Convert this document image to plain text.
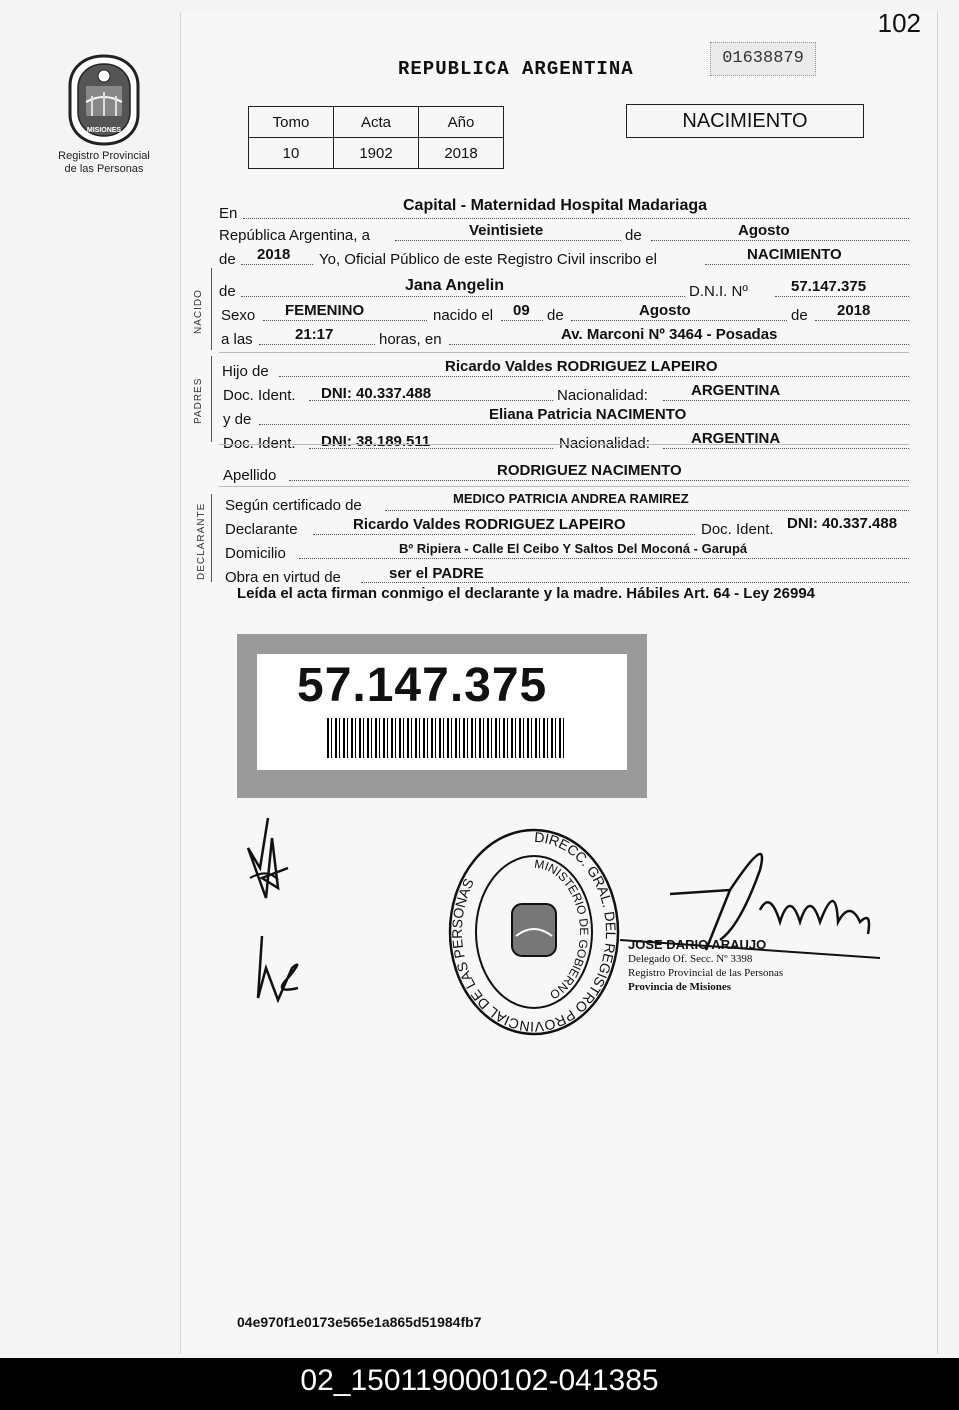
102
MISIONES
Registro Provincial
de las Personas
REPUBLICA ARGENTINA	01638879
Tomo	Acta	Año
10	1902	2018
NACIMIENTO
En	Capital - Maternidad Hospital Madariaga
República Argentina, a	Veintisiete	de	Agosto
de 2018 Yo, Oficial Público de este Registro Civil inscribo el	NACIMIENTO
NACIDO de	Jana Angelin	D.N.I. Nº	57.147.375
Sexo FEMENINO	nacido el 09 de	Agosto	de 2018
a las	21:17	horas, en	Av. Marconi Nº 3464 - Posadas
PADRES
Hijo de	Ricardo Valdes RODRIGUEZ LAPEIRO
Doc. Ident. DNI: 40.337.488	Nacionalidad:	ARGENTINA
y de	Eliana Patricia NACIMENTO
Doc. Ident. DNI: 38.189.511	Nacionalidad:	ARGENTINA
Apellido	RODRIGUEZ NACIMENTO
DECLARANTE Según certificado de	MEDICO PATRICIA ANDREA RAMIREZ
Declarante	Ricardo Valdes RODRIGUEZ LAPEIRO	Doc. Ident. DNI: 40.337.488
Domicilio	Bº Ripiera - Calle El Ceibo Y Saltos Del Moconá - Garupá
Obra en virtud de	ser el PADRE
Leída el acta firman conmigo el declarante y la madre. Hábiles Art. 64 - Ley 26994
57.147.375
DIRECC. GRAL. DEL REGISTRO PROVINCIAL DE LAS PERSONAS
MINISTERIO DE GOBIERNO
JOSE DARIO ARAUJO
Delegado Of. Secc. Nº 3398
Registro Provincial de las Personas
Provincia de Misiones
04e970f1e0173e565e1a865d51984fb7
02_150119000102-041385
